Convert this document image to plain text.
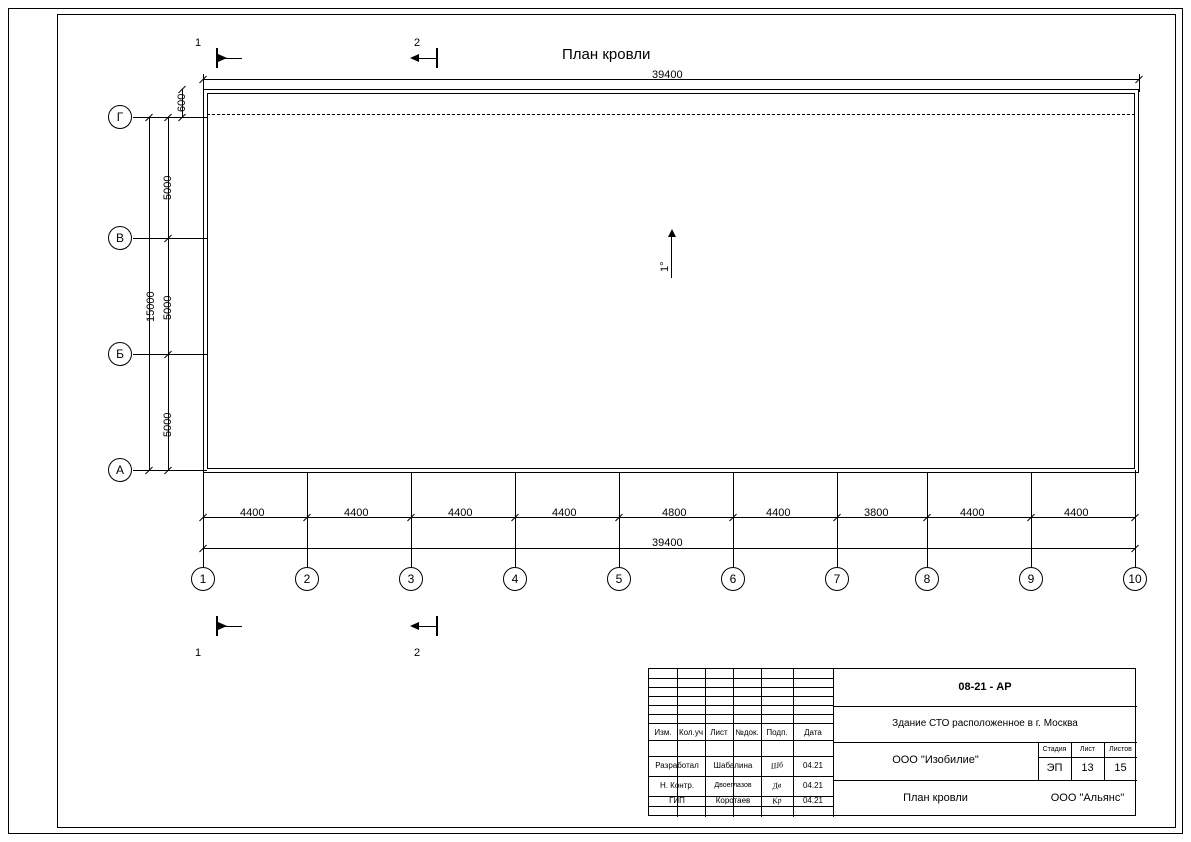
План кровли
1°
39400
1	2
1	2
600
Г
В
Б
А
5000
5000
5000
15000
4400	4400	4400	4400	4800	4400	3800	4400	4400
39400
1	2	3	4	5	6	7	8	9	10
Изм. Кол.уч Лист №док. Подп.	Дата
Разработал	Шабалина	Шб	04.21
Н. Контр.	Двоеглазов	Дв	04.21
ГИП	Коротаев	Кр	04.21
08-21 - АР
Здание СТО расположенное в г. Москва
ООО "Изобилие"
План кровли	ООО "Альянс"
Стадия	Лист	Листов
ЭП	13	15
